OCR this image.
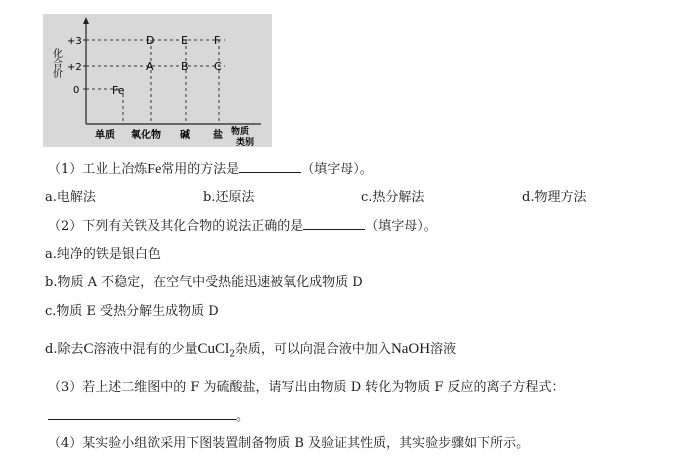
+3
+2
0
化合价
Fe
A B C
D E F
单质 氧化物 碱 盐 物质 类别
（1）工业上冶炼Fe常用的方法是	（填字母）。
a.电解法	b.还原法	c.热分解法	d.物理方法
（2）下列有关铁及其化合物的说法正确的是	（填字母）。
a.纯净的铁是银白色
b.物质 A 不稳定，在空气中受热能迅速被氧化成物质 D
c.物质 E 受热分解生成物质 D
d.除去C溶液中混有的少量CuCl$_2$杂质，可以向混合液中加入NaOH溶液
（3）若上述二维图中的 F 为硫酸盐，请写出由物质 D 转化为物质 F 反应的离子方程式：
。
（4）某实验小组欲采用下图装置制备物质 B 及验证其性质，其实验步骤如下所示。
